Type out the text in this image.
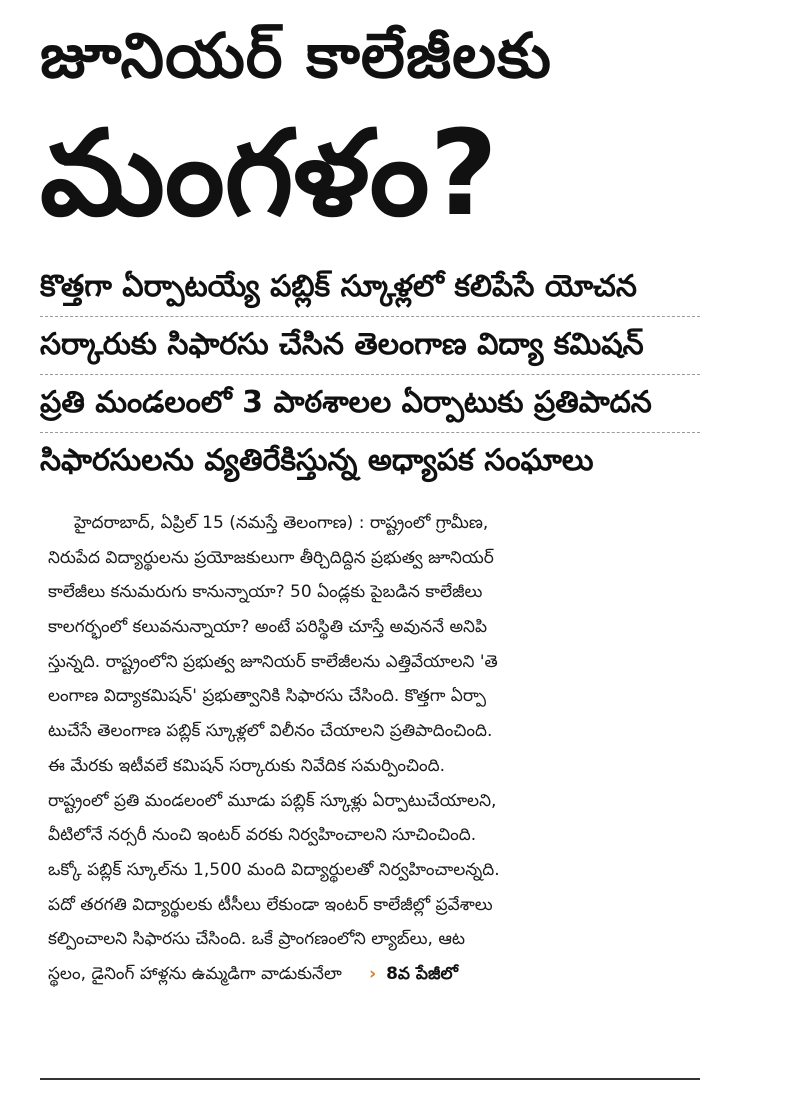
జూనియర్ కాలేజీలకు
మంగళం?
కొత్తగా ఏర్పాటయ్యే పబ్లిక్ స్కూళ్లలో కలిపేసే యోచన
సర్కారుకు సిఫారసు చేసిన తెలంగాణ విద్యా కమిషన్
ప్రతి మండలంలో 3 పాఠశాలల ఏర్పాటుకు ప్రతిపాదన
సిఫారసులను వ్యతిరేకిస్తున్న అధ్యాపక సంఘాలు
హైదరాబాద్, ఏప్రిల్ 15 (నమస్తే తెలంగాణ) : రాష్ట్రంలో గ్రామీణ,
నిరుపేద విద్యార్థులను ప్రయోజకులుగా తీర్చిదిద్దిన ప్రభుత్వ జూనియర్
కాలేజీలు కనుమరుగు కానున్నాయా? 50 ఏండ్లకు పైబడిన కాలేజీలు
కాలగర్భంలో కలువనున్నాయా? అంటే పరిస్థితి చూస్తే అవుననే అనిపి
స్తున్నది. రాష్ట్రంలోని ప్రభుత్వ జూనియర్ కాలేజీలను ఎత్తివేయాలని 'తె
లంగాణ విద్యాకమిషన్' ప్రభుత్వానికి సిఫారసు చేసింది. కొత్తగా ఏర్పా
టుచేసే తెలంగాణ పబ్లిక్ స్కూళ్లలో విలీనం చేయాలని ప్రతిపాదించింది.
ఈ మేరకు ఇటీవలే కమిషన్ సర్కారుకు నివేదిక సమర్పించింది.
రాష్ట్రంలో ప్రతి మండలంలో మూడు పబ్లిక్ స్కూళ్లు ఏర్పాటుచేయాలని,
వీటిలోనే నర్సరీ నుంచి ఇంటర్ వరకు నిర్వహించాలని సూచించింది.
ఒక్కో పబ్లిక్ స్కూల్‌ను 1,500 మంది విద్యార్థులతో నిర్వహించాలన్నది.
పదో తరగతి విద్యార్థులకు టీసీలు లేకుండా ఇంటర్ కాలేజీల్లో ప్రవేశాలు
కల్పించాలని సిఫారసు చేసింది. ఒకే ప్రాంగణంలోని ల్యాబ్‌లు, ఆట
స్థలం, డైనింగ్ హాళ్లను ఉమ్మడిగా వాడుకునేలా › 8వ పేజీలో
